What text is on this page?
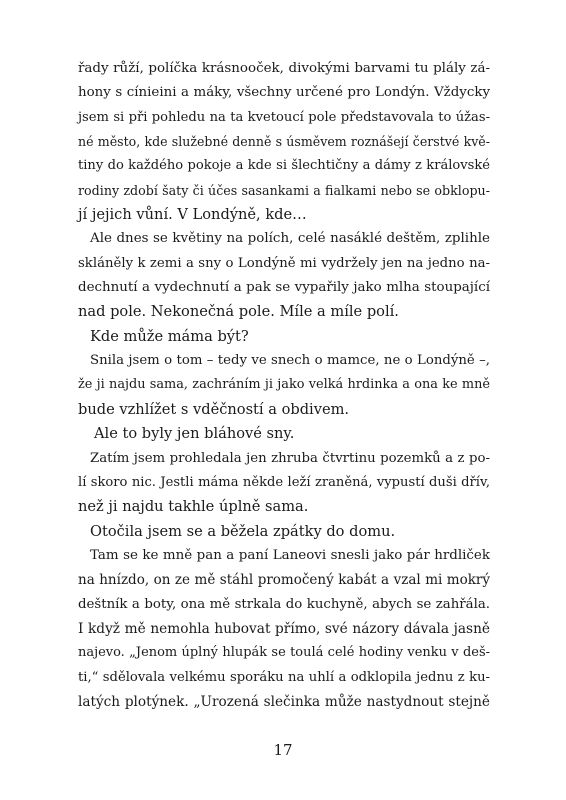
řady růží, políčka krásnooček, divokými barvami tu plály zá-
hony s cínieini a máky, všechny určené pro Londýn. Vždycky
jsem si při pohledu na ta kvetoucí pole představovala to úžas-
né město, kde služebné denně s úsměvem roznášejí čerstvé kvě-
tiny do každého pokoje a kde si šlechtičny a dámy z královské
rodiny zdobí šaty či účes sasankami a fialkami nebo se obklopu-
jí jejich vůní. V Londýně, kde…
Ale dnes se květiny na polích, celé nasáklé deštěm, zplihle
skláněly k zemi a sny o Londýně mi vydržely jen na jedno na-
dechnutí a vydechnutí a pak se vypařily jako mlha stoupající
nad pole. Nekonečná pole. Míle a míle polí.
Kde může máma být?
Snila jsem o tom – tedy ve snech o mamce, ne o Londýně –,
že ji najdu sama, zachráním ji jako velká hrdinka a ona ke mně
bude vzhlížet s vděčností a obdivem.
Ale to byly jen bláhové sny.
Zatím jsem prohledala jen zhruba čtvrtinu pozemků a z po-
lí skoro nic. Jestli máma někde leží zraněná, vypustí duši dřív,
než ji najdu takhle úplně sama.
Otočila jsem se a běžela zpátky do domu.
Tam se ke mně pan a paní Laneovi snesli jako pár hrdliček
na hnízdo, on ze mě stáhl promočený kabát a vzal mi mokrý
deštník a boty, ona mě strkala do kuchyně, abych se zahřála.
I když mě nemohla hubovat přímo, své názory dávala jasně
najevo. „Jenom úplný hlupák se toulá celé hodiny venku v deš-
ti,“ sdělovala velkému sporáku na uhlí a odklopila jednu z ku-
latých plotýnek. „Urozená slečinka může nastydnout stejně
17
